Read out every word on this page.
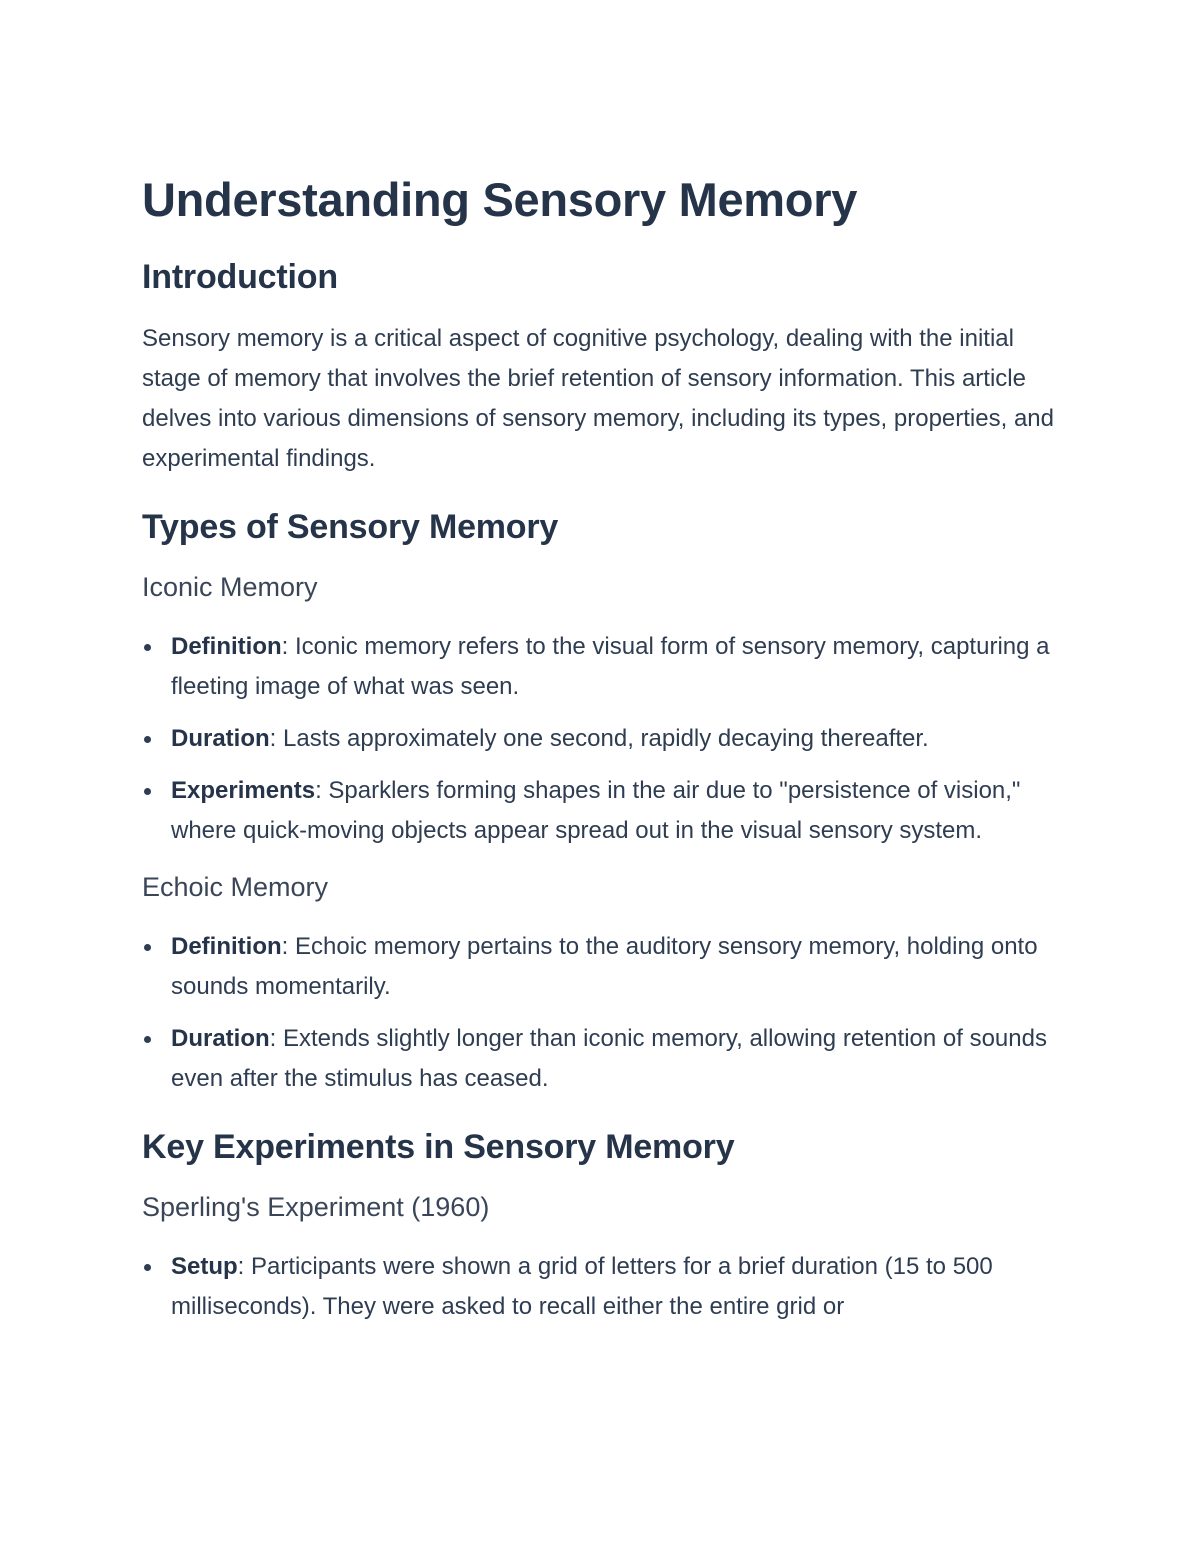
Understanding Sensory Memory
Introduction

Sensory memory is a critical aspect of cognitive psychology, dealing with the initial stage of memory that involves the brief retention of sensory information. This article delves into various dimensions of sensory memory, including its types, properties, and experimental findings.

Types of Sensory Memory
Iconic Memory
Definition: Iconic memory refers to the visual form of sensory memory, capturing a fleeting image of what was seen.
Duration: Lasts approximately one second, rapidly decaying thereafter.
Experiments: Sparklers forming shapes in the air due to "persistence of vision," where quick-moving objects appear spread out in the visual sensory system.
Echoic Memory
Definition: Echoic memory pertains to the auditory sensory memory, holding onto sounds momentarily.
Duration: Extends slightly longer than iconic memory, allowing retention of sounds even after the stimulus has ceased.
Key Experiments in Sensory Memory
Sperling's Experiment (1960)
Setup: Participants were shown a grid of letters for a brief duration (15 to 500 milliseconds). They were asked to recall either the entire grid or
